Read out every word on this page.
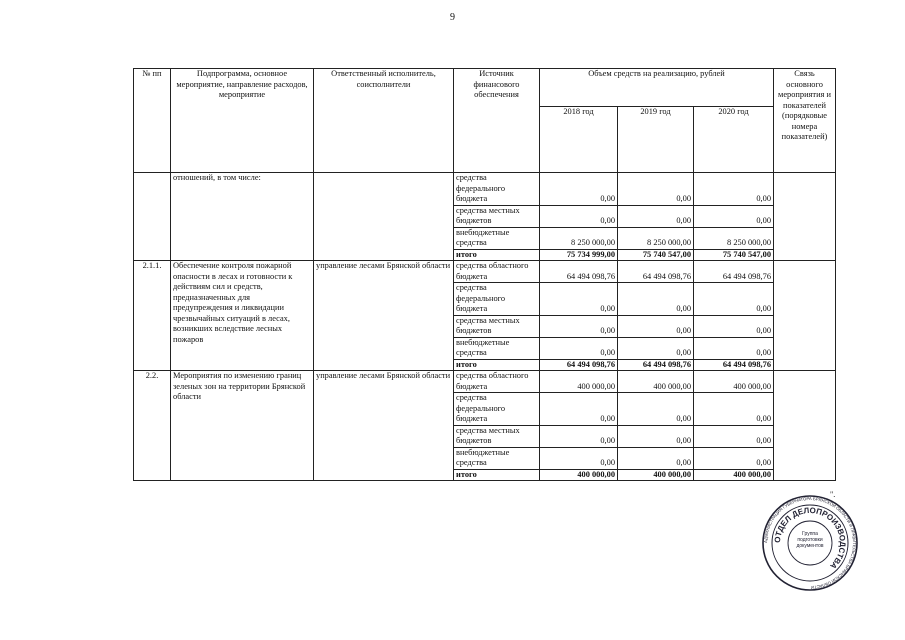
9
№ пп	Подпрограмма, основное мероприятие, направление расходов, мероприятие	Ответственный исполнитель, соисполнители	Источник финансового обеспечения	Объем средств на реализацию, рублей			Связь основного мероприятия и показателей (порядковые номера показателей)
				2018 год	2019 год	2020 год	
	отношений, в том числе:		средства федерального бюджета	0,00	0,00	0,00	
			средства местных бюджетов	0,00	0,00	0,00	
			внебюджетные средства	8 250 000,00	8 250 000,00	8 250 000,00	
			итого	75 734 999,00	75 740 547,00	75 740 547,00	
2.1.1.	Обеспечение контроля пожарной опасности в лесах и готовности к действиям сил и средств, предназначенных для предупреждения и ликвидации чрезвычайных ситуаций в лесах, возникших вследствие лесных пожаров	управление лесами Брянской области	средства областного бюджета	64 494 098,76	64 494 098,76	64 494 098,76	
			средства федерального бюджета	0,00	0,00	0,00	
			средства местных бюджетов	0,00	0,00	0,00	
			внебюджетные средства	0,00	0,00	0,00	
			итого	64 494 098,76	64 494 098,76	64 494 098,76	
2.2.	Мероприятия по изменению границ зеленых зон на территории Брянской области	управление лесами Брянской области	средства областного бюджета	400 000,00	400 000,00	400 000,00	
			средства федерального бюджета	0,00	0,00	0,00	
			средства местных бюджетов	0,00	0,00	0,00	
			внебюджетные средства	0,00	0,00	0,00	
			итого	400 000,00	400 000,00	400 000,00	
".
АДМИНИСТРАЦИЯ ГУБЕРНАТОРА БРЯНСКОЙ ОБЛАСТИ И ПРАВИТЕЛЬСТВА БРЯНСКОЙ ОБЛАСТИ
ОТДЕЛ ДЕЛОПРОИЗВОДСТВА
Группа подготовки документов
